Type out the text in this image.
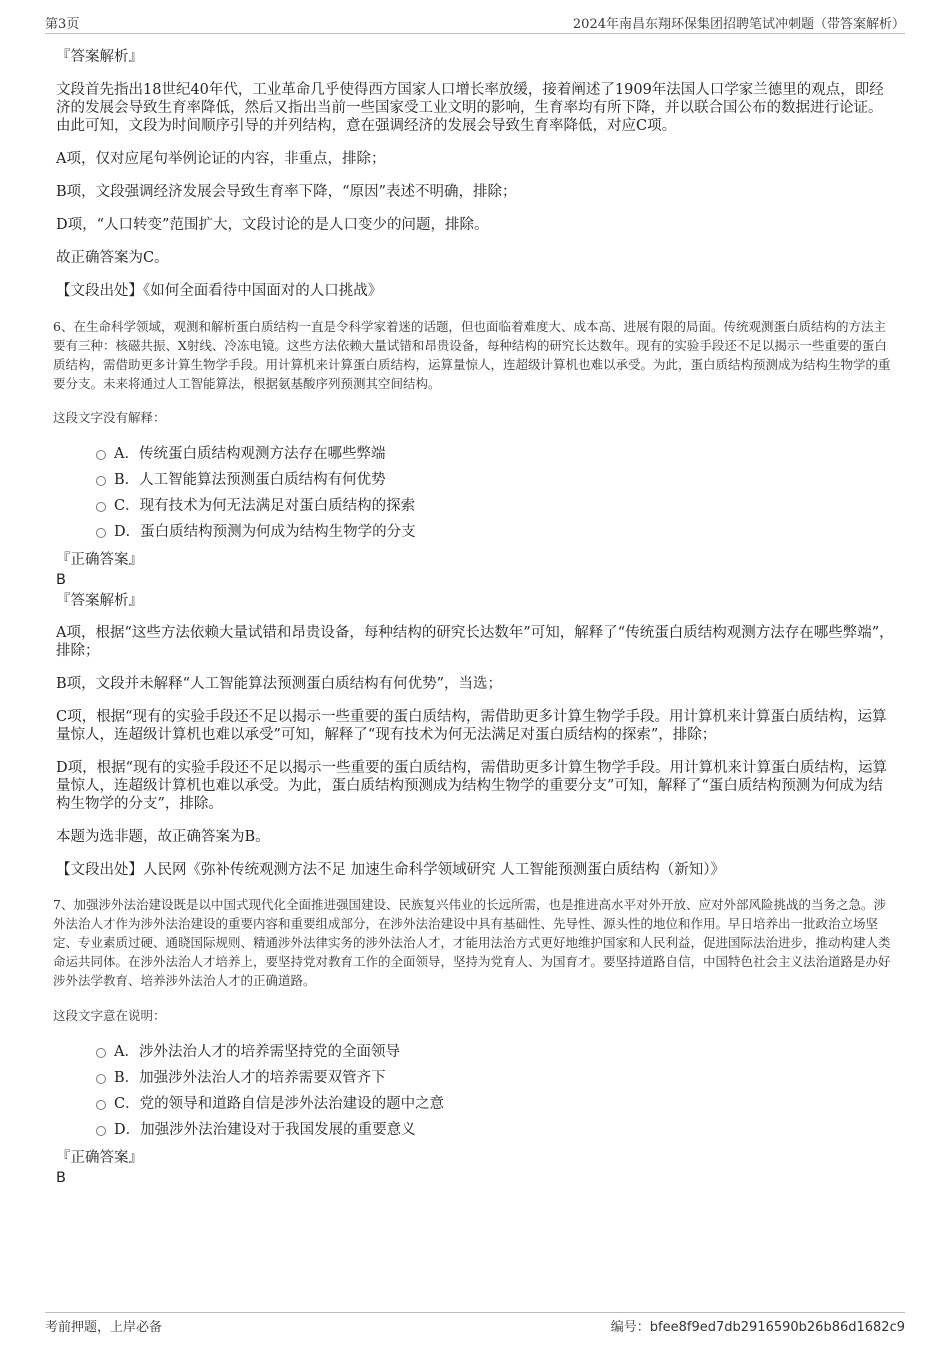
第3页	2024年南昌东翔环保集团招聘笔试冲刺题（带答案解析）

『答案解析』

文段首先指出18世纪40年代，工业革命几乎使得西方国家人口增长率放缓，接着阐述了1909年法国人口学家兰德里的观点，即经济的发展会导致生育率降低，然后又指出当前一些国家受工业文明的影响，生育率均有所下降，并以联合国公布的数据进行论证。由此可知，文段为时间顺序引导的并列结构，意在强调经济的发展会导致生育率降低，对应C项。

A项，仅对应尾句举例论证的内容，非重点，排除；

B项，文段强调经济发展会导致生育率下降，“原因”表述不明确，排除；

D项，“人口转变”范围扩大，文段讨论的是人口变少的问题，排除。

故正确答案为C。

【文段出处】《如何全面看待中国面对的人口挑战》

6、在生命科学领域，观测和解析蛋白质结构一直是令科学家着迷的话题，但也面临着难度大、成本高、进展有限的局面。传统观测蛋白质结构的方法主要有三种：核磁共振、X射线、冷冻电镜。这些方法依赖大量试错和昂贵设备，每种结构的研究长达数年。现有的实验手段还不足以揭示一些重要的蛋白质结构，需借助更多计算生物学手段。用计算机来计算蛋白质结构，运算量惊人，连超级计算机也难以承受。为此，蛋白质结构预测成为结构生物学的重要分支。未来将通过人工智能算法，根据氨基酸序列预测其空间结构。

这段文字没有解释：

A．传统蛋白质结构观测方法存在哪些弊端
B．人工智能算法预测蛋白质结构有何优势
C．现有技术为何无法满足对蛋白质结构的探索
D．蛋白质结构预测为何成为结构生物学的分支

『正确答案』

B

『答案解析』

A项，根据“这些方法依赖大量试错和昂贵设备，每种结构的研究长达数年”可知，解释了“传统蛋白质结构观测方法存在哪些弊端”，排除；

B项，文段并未解释“人工智能算法预测蛋白质结构有何优势”，当选；

C项，根据“现有的实验手段还不足以揭示一些重要的蛋白质结构，需借助更多计算生物学手段。用计算机来计算蛋白质结构，运算量惊人，连超级计算机也难以承受”可知，解释了“现有技术为何无法满足对蛋白质结构的探索”，排除；

D项，根据“现有的实验手段还不足以揭示一些重要的蛋白质结构，需借助更多计算生物学手段。用计算机来计算蛋白质结构，运算量惊人，连超级计算机也难以承受。为此，蛋白质结构预测成为结构生物学的重要分支”可知，解释了“蛋白质结构预测为何成为结构生物学的分支”，排除。

本题为选非题，故正确答案为B。

【文段出处】人民网《弥补传统观测方法不足 加速生命科学领域研究 人工智能预测蛋白质结构（新知）》

7、加强涉外法治建设既是以中国式现代化全面推进强国建设、民族复兴伟业的长远所需，也是推进高水平对外开放、应对外部风险挑战的当务之急。涉外法治人才作为涉外法治建设的重要内容和重要组成部分，在涉外法治建设中具有基础性、先导性、源头性的地位和作用。早日培养出一批政治立场坚定、专业素质过硬、通晓国际规则、精通涉外法律实务的涉外法治人才，才能用法治方式更好地维护国家和人民利益，促进国际法治进步，推动构建人类命运共同体。在涉外法治人才培养上，要坚持党对教育工作的全面领导，坚持为党育人、为国育才。要坚持道路自信，中国特色社会主义法治道路是办好涉外法学教育、培养涉外法治人才的正确道路。

这段文字意在说明：

A．涉外法治人才的培养需坚持党的全面领导
B．加强涉外法治人才的培养需要双管齐下
C．党的领导和道路自信是涉外法治建设的题中之意
D．加强涉外法治建设对于我国发展的重要意义

『正确答案』

B

考前押题，上岸必备	编号：bfee8f9ed7db2916590b26b86d1682c9
